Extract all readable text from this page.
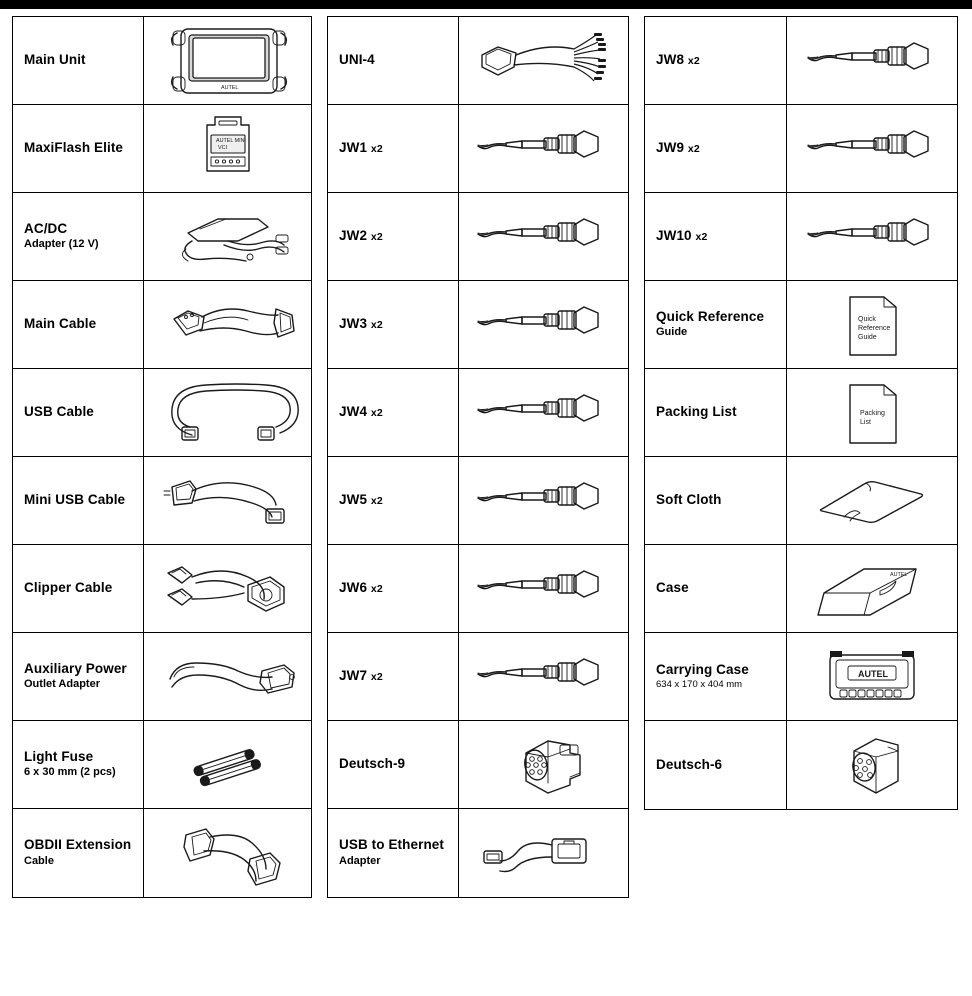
Main Unit
AUTEL
MaxiFlash Elite	AUTEL MINI
VCI
AC/DC
Adapter (12 V)
Main Cable
USB Cable
Mini USB Cable
Clipper Cable
Auxiliary Power
Outlet Adapter
Light Fuse
6 x 30 mm (2 pcs)
OBDII Extension
Cable
UNI-4
JW1 x2
JW2 x2
JW3 x2
JW4 x2
JW5 x2
JW6 x2
JW7 x2
Deutsch-9
USB to Ethernet
Adapter
JW8 x2
JW9 x2
JW10 x2
Quick Reference
Guide
Quick
Reference
Guide
Packing List	Packing
List
Soft Cloth
Case
AUTEL
Carrying Case
634 x 170 x 404 mm
AUTEL
Deutsch-6
